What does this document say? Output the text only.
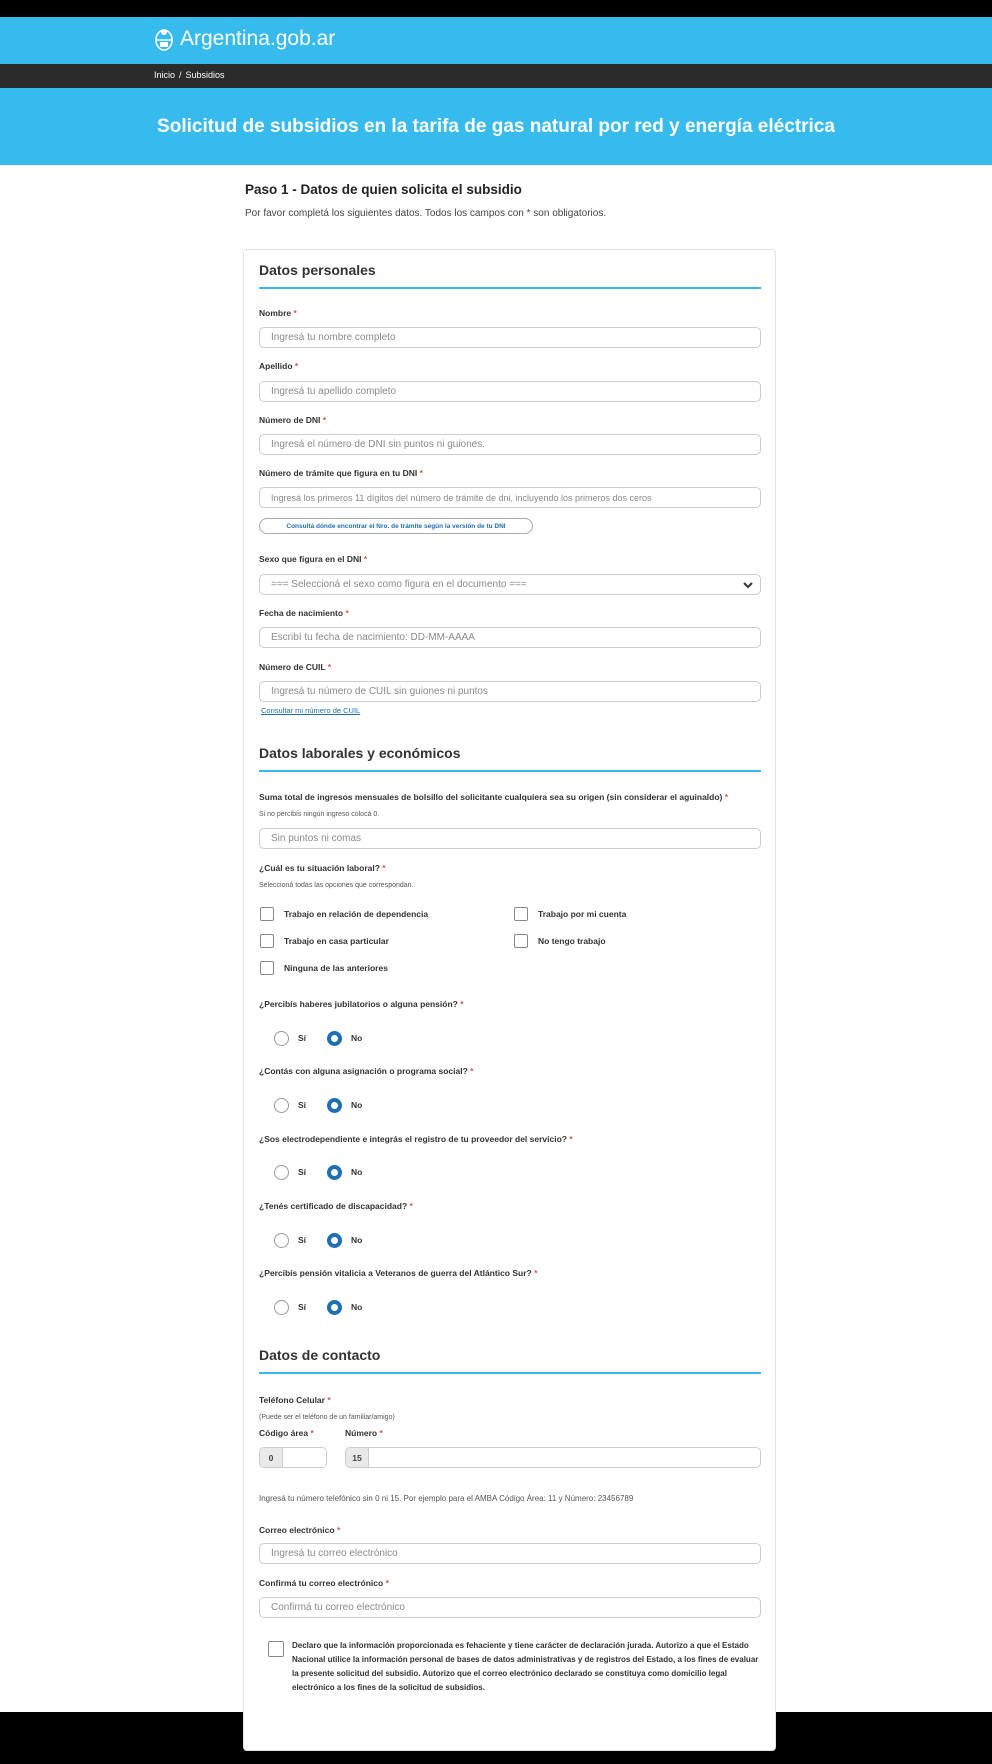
Argentina.gob.ar
Inicio / Subsidios
Solicitud de subsidios en la tarifa de gas natural por red y energía eléctrica
Paso 1 - Datos de quien solicita el subsidio
Por favor completá los siguientes datos. Todos los campos con * son obligatorios.
Datos personales
Nombre *
Ingresá tu nombre completo
Apellido *
Ingresá tu apellido completo
Número de DNI *
Ingresá el número de DNI sin puntos ni guiones.
Número de trámite que figura en tu DNI *
Ingresá los primeros 11 dígitos del número de trámite de dni, incluyendo los primeros dos ceros
Consultá dónde encontrar el Nro. de trámite según la versión de tu DNI
Sexo que figura en el DNI *
=== Seleccioná el sexo como figura en el documento ===
Fecha de nacimiento *
Escribí tu fecha de nacimiento: DD-MM-AAAA
Número de CUIL *
Ingresá tu número de CUIL sin guiones ni puntos
Consultar mi número de CUIL
Datos laborales y económicos
Suma total de ingresos mensuales de bolsillo del solicitante cualquiera sea su origen (sin considerar el aguinaldo) *
Si no percibís ningún ingreso colocá 0.
Sin puntos ni comas
¿Cuál es tu situación laboral? *
Seleccioná todas las opciones que correspondan.
Trabajo en relación de dependencia	Trabajo por mi cuenta
Trabajo en casa particular	No tengo trabajo
Ninguna de las anteriores
¿Percibís haberes jubilatorios o alguna pensión? *
Sí	No
¿Contás con alguna asignación o programa social? *
Sí	No
¿Sos electrodependiente e integrás el registro de tu proveedor del servicio? *
Sí	No
¿Tenés certificado de discapacidad? *
Sí	No
¿Percibís pensión vitalicia a Veteranos de guerra del Atlántico Sur? *
Sí	No
Datos de contacto
Teléfono Celular *
(Puede ser el teléfono de un familiar/amigo)
Código área *	Número *
0	15
Ingresá tu número telefónico sin 0 ni 15. Por ejemplo para el AMBA Código Área: 11 y Número: 23456789
Correo electrónico *
Ingresá tu correo electrónico
Confirmá tu correo electrónico *
Confirmá tu correo electrónico
Declaro que la información proporcionada es fehaciente y tiene carácter de declaración jurada. Autorizo a que el Estado Nacional utilice la información personal de bases de datos administrativas y de registros del Estado, a los fines de evaluar la presente solicitud del subsidio. Autorizo que el correo electrónico declarado se constituya como domicilio legal electrónico a los fines de la solicitud de subsidios.
